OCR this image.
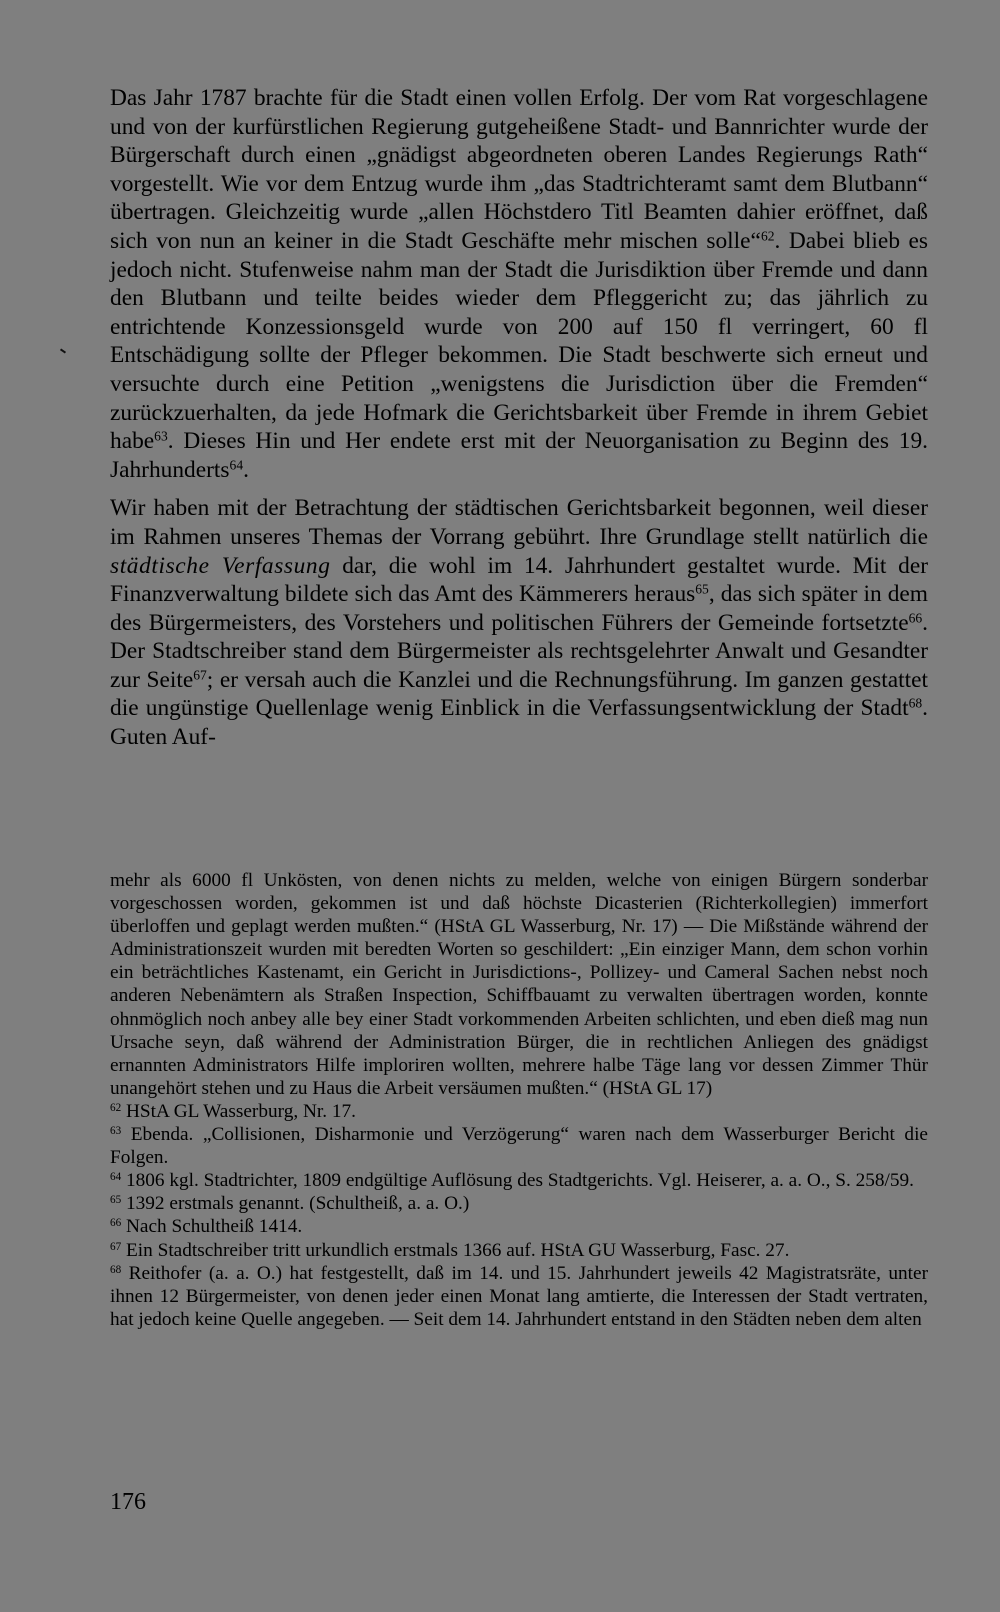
Das Jahr 1787 brachte für die Stadt einen vollen Erfolg. Der vom Rat vorgeschlagene und von der kurfürstlichen Regierung gutgeheißene Stadt- und Bannrichter wurde der Bürgerschaft durch einen „gnädigst abgeordneten oberen Landes Regierungs Rath“ vorgestellt. Wie vor dem Entzug wurde ihm „das Stadtrichteramt samt dem Blutbann“ übertragen. Gleichzeitig wurde „allen Höchstdero Titl Beamten dahier eröffnet, daß sich von nun an keiner in die Stadt Geschäfte mehr mischen solle“$^{62}$. Dabei blieb es jedoch nicht. Stufenweise nahm man der Stadt die Jurisdiktion über Fremde und dann den Blutbann und teilte beides wieder dem Pfleggericht zu; das jährlich zu entrichtende Konzessionsgeld wurde von 200 auf 150 fl verringert, 60 fl Entschädigung sollte der Pfleger bekommen. Die Stadt beschwerte sich erneut und versuchte durch eine Petition „wenigstens die Jurisdiction über die Fremden“ zurückzuerhalten, da jede Hofmark die Gerichtsbarkeit über Fremde in ihrem Gebiet habe$^{63}$. Dieses Hin und Her endete erst mit der Neuorganisation zu Beginn des 19. Jahrhunderts$^{64}$.

Wir haben mit der Betrachtung der städtischen Gerichtsbarkeit begonnen, weil dieser im Rahmen unseres Themas der Vorrang gebührt. Ihre Grundlage stellt natürlich die städtische Verfassung dar, die wohl im 14. Jahrhundert gestaltet wurde. Mit der Finanzverwaltung bildete sich das Amt des Kämmerers heraus$^{65}$, das sich später in dem des Bürgermeisters, des Vorstehers und politischen Führers der Gemeinde fortsetzte$^{66}$. Der Stadtschreiber stand dem Bürgermeister als rechtsgelehrter Anwalt und Gesandter zur Seite$^{67}$; er versah auch die Kanzlei und die Rechnungsführung. Im ganzen gestattet die ungünstige Quellenlage wenig Einblick in die Verfassungsentwicklung der Stadt$^{68}$. Guten Auf-

mehr als 6000 fl Unkösten, von denen nichts zu melden, welche von einigen Bürgern sonderbar vorgeschossen worden, gekommen ist und daß höchste Dicasterien (Richterkollegien) immerfort überloffen und geplagt werden mußten.“ (HStA GL Wasserburg, Nr. 17) — Die Mißstände während der Administrationszeit wurden mit beredten Worten so geschildert: „Ein einziger Mann, dem schon vorhin ein beträchtliches Kastenamt, ein Gericht in Jurisdictions-, Pollizey- und Cameral Sachen nebst noch anderen Nebenämtern als Straßen Inspection, Schiffbauamt zu verwalten übertragen worden, konnte ohnmöglich noch anbey alle bey einer Stadt vorkommenden Arbeiten schlichten, und eben dieß mag nun Ursache seyn, daß während der Administration Bürger, die in rechtlichen Anliegen des gnädigst ernannten Administrators Hilfe imploriren wollten, mehrere halbe Täge lang vor dessen Zimmer Thür unangehört stehen und zu Haus die Arbeit versäumen mußten.“ (HStA GL 17)

$^{62}$ HStA GL Wasserburg, Nr. 17.

$^{63}$ Ebenda. „Collisionen, Disharmonie und Verzögerung“ waren nach dem Wasserburger Bericht die Folgen.

$^{64}$ 1806 kgl. Stadtrichter, 1809 endgültige Auflösung des Stadtgerichts. Vgl. Heiserer, a. a. O., S. 258/59.

$^{65}$ 1392 erstmals genannt. (Schultheiß, a. a. O.)

$^{66}$ Nach Schultheiß 1414.

$^{67}$ Ein Stadtschreiber tritt urkundlich erstmals 1366 auf. HStA GU Wasserburg, Fasc. 27.

$^{68}$ Reithofer (a. a. O.) hat festgestellt, daß im 14. und 15. Jahrhundert jeweils 42 Magistratsräte, unter ihnen 12 Bürgermeister, von denen jeder einen Monat lang amtierte, die Interessen der Stadt vertraten, hat jedoch keine Quelle angegeben. — Seit dem 14. Jahrhundert entstand in den Städten neben dem alten

176
